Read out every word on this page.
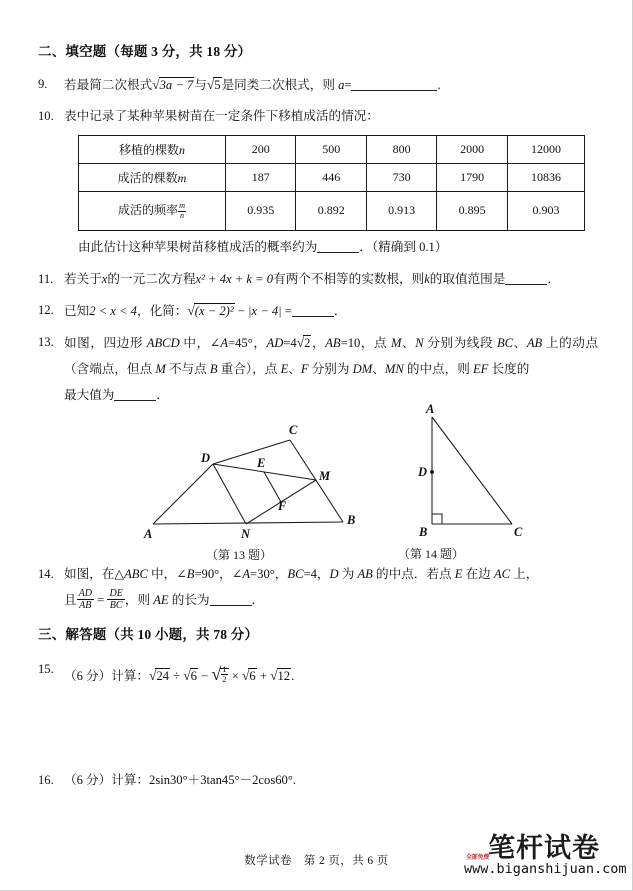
二、填空题（每题 3 分，共 18 分）
9.	若最简二次根式√3a − 7与√5是同类二次根式，则 a=	.
10. 表中记录了某种苹果树苗在一定条件下移植成活的情况：
移植的棵数n	200	500	800	2000	12000
成活的棵数m	187	446	730	1790	10836
成活的频率 $\frac{m}{n}$	0.935	0.892	0.913	0.895	0.903
由此估计这种苹果树苗移植成活的概率约为	．（精确到 0.1）
11. 若关于x的一元二次方程x² + 4x + k = 0有两个不相等的实数根，则k的取值范围是	．
12. 已知2 < x < 4，化简：√(x − 2)² − |x − 4| =	．
13. 如图，四边形 ABCD 中，∠A=45°，AD=4√2，AB=10，点 M、N 分别为线段 BC、AB 上的动点（含端点，但点 M 不与点 B 重合），点 E、F 分别为 DM、MN 的中点，则 EF 长度的
最大值为	．
A
B
C
D	E
F
M
N
（第 13 题）
A
D
B	C
（第 14 题）
14. 如图，在△ABC 中，∠B=90°，∠A=30°，BC=4，D 为 AB 的中点．若点 E 在边 AC 上，
且 $\frac{AD}{AB} = \frac{DE}{BC}$ ，则 AE 的长为	．
三、解答题（共 10 小题，共 78 分）
15. （6 分）计算：√24 ÷ √6 − √ $\frac{1}{2} \times √6 + √12$.
16. （6 分）计算：2sin30°＋3tan45°－2cos60°.
数学试卷　第 2 页，共 6 页	笔杆试卷
www.biganshijuan.com
全部免费
